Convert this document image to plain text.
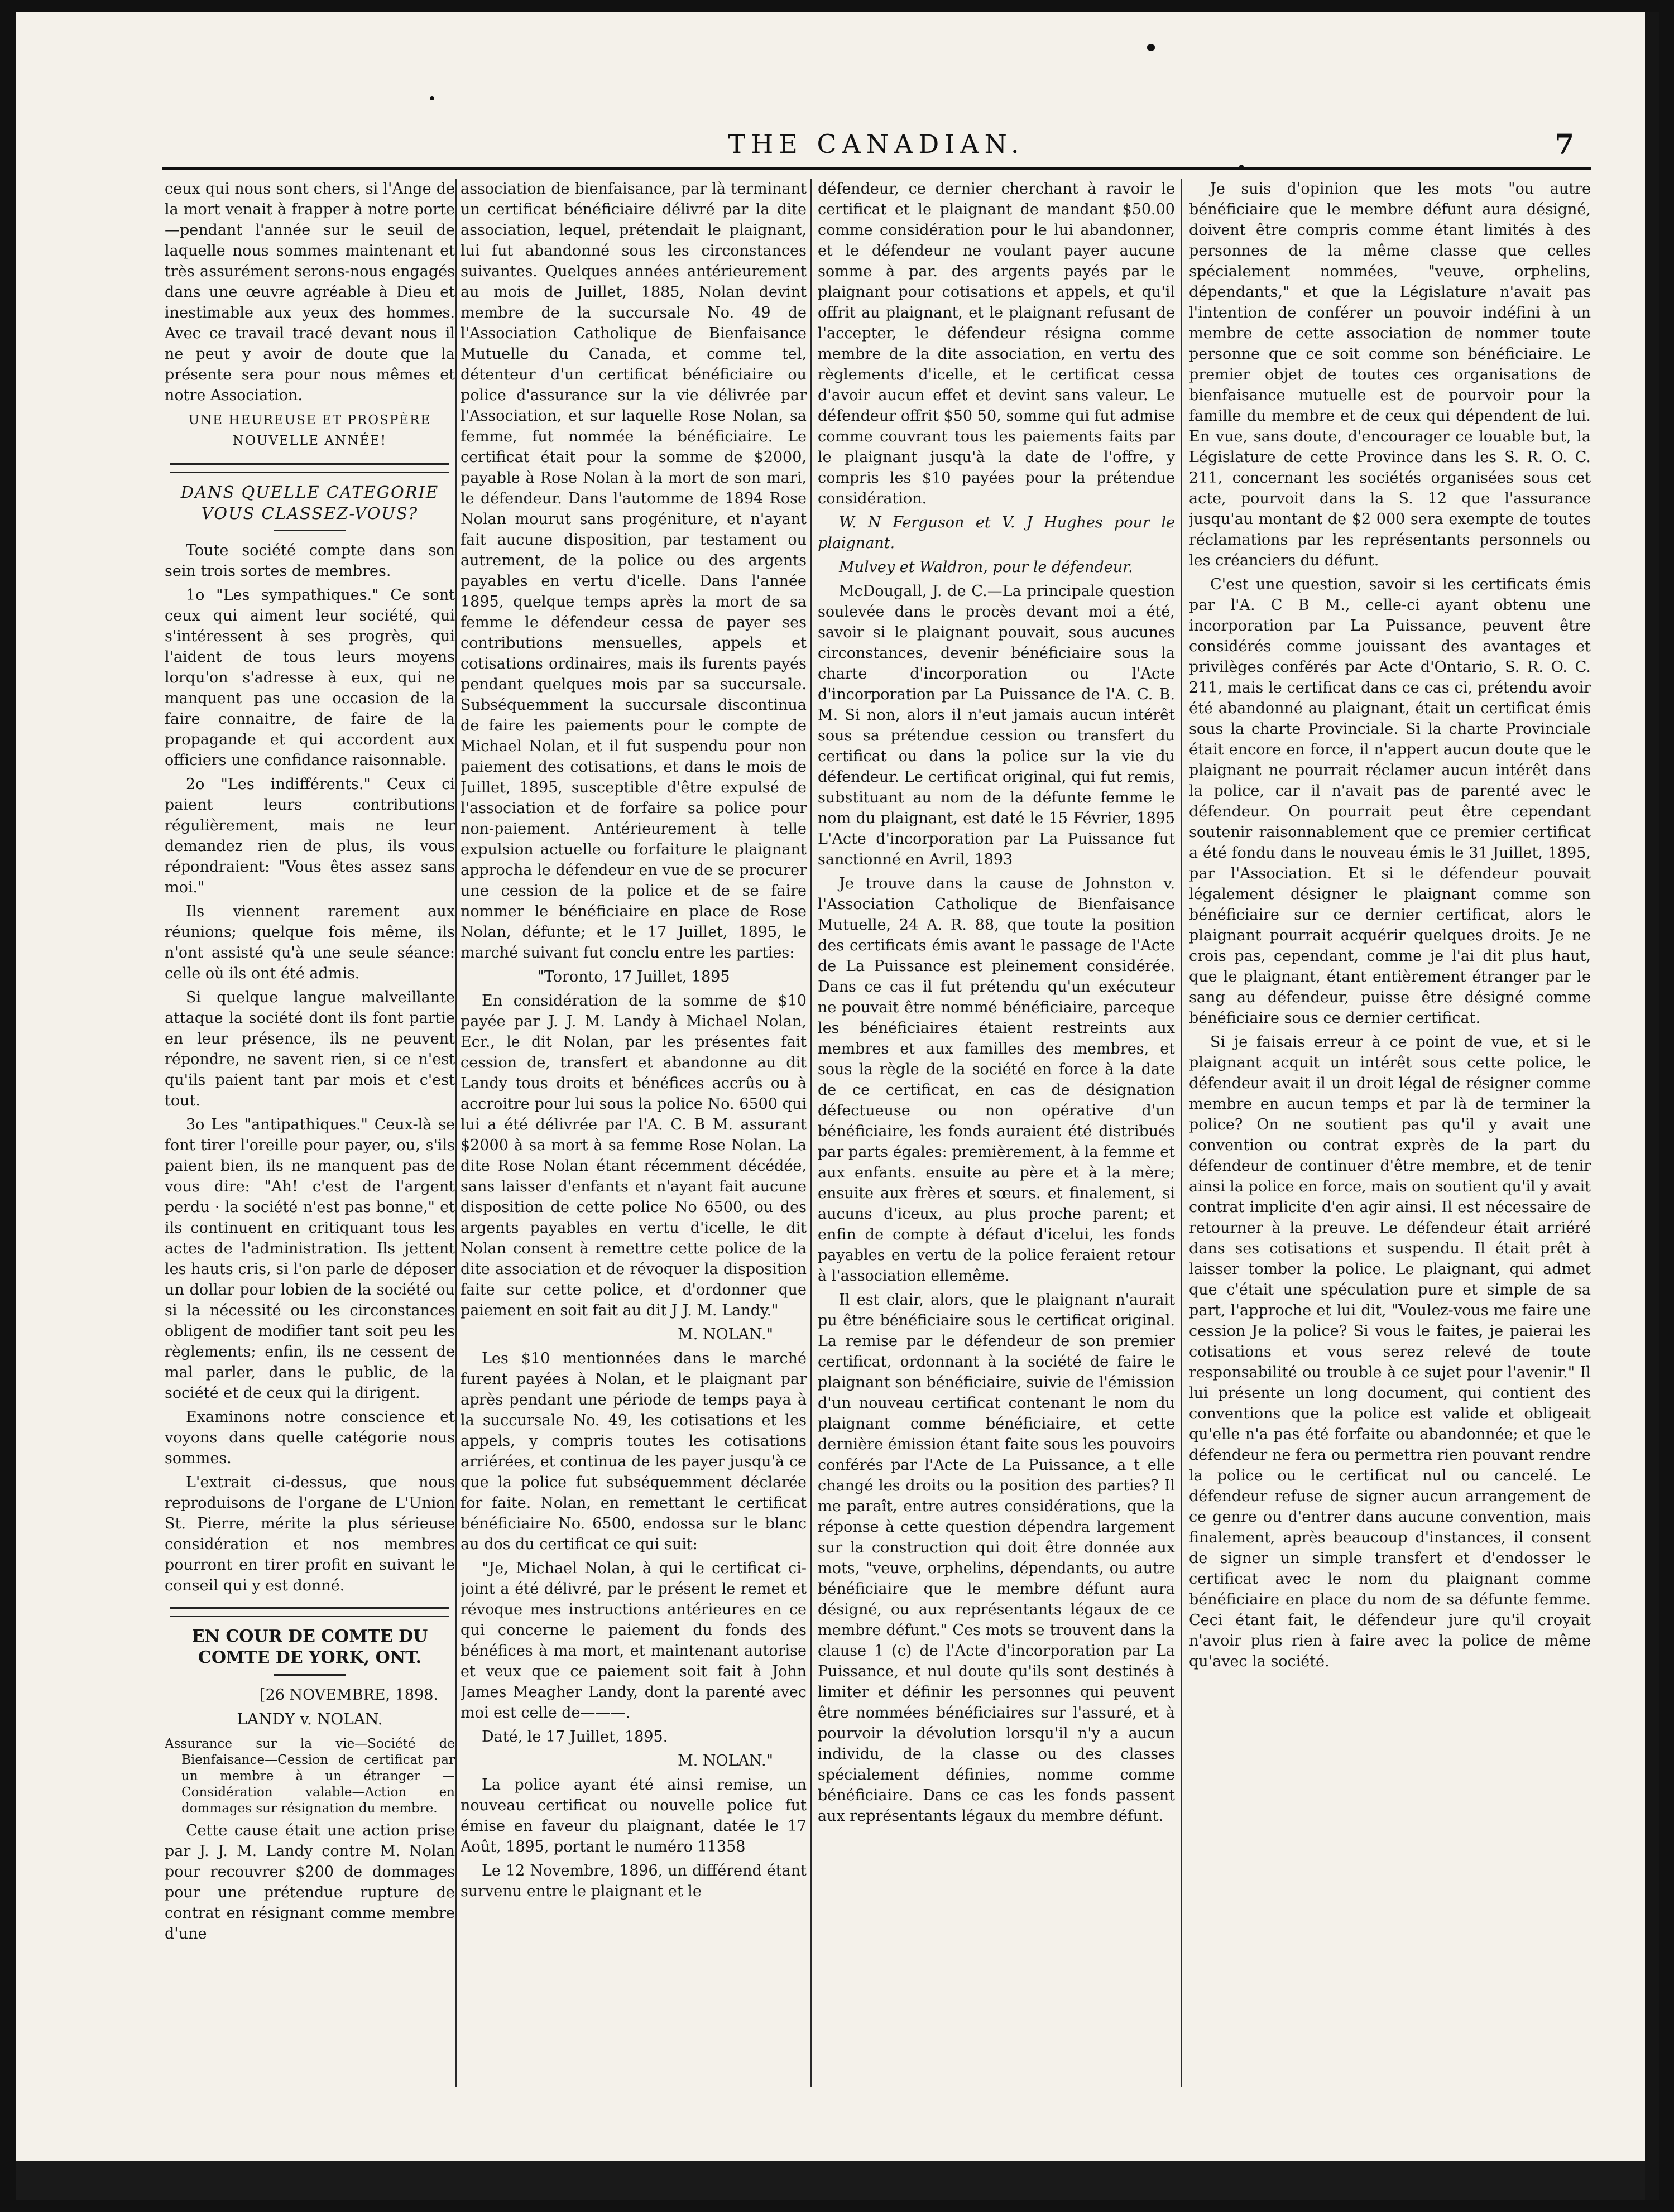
THE CANADIAN.	7

ceux qui nous sont chers, si l'Ange de la mort venait à frapper à notre porte—pendant l'année sur le seuil de laquelle nous sommes maintenant et très assurément serons-nous engagés dans une œuvre agréable à Dieu et inestimable aux yeux des hommes. Avec ce travail tracé devant nous il ne peut y avoir de doute que la présente sera pour nous mêmes et notre Association.

UNE HEUREUSE ET PROSPÈRE NOUVELLE ANNÉE!
DANS QUELLE CATEGORIE VOUS CLASSEZ-VOUS?

Toute société compte dans son sein trois sortes de membres.

1o "Les sympathiques." Ce sont ceux qui aiment leur société, qui s'intéressent à ses progrès, qui l'aident de tous leurs moyens lorqu'on s'adresse à eux, qui ne manquent pas une occasion de la faire connaitre, de faire de la propagande et qui accordent aux officiers une confidance raisonnable.

2o "Les indifférents." Ceux ci paient leurs contributions régulièrement, mais ne leur demandez rien de plus, ils vous répondraient: "Vous êtes assez sans moi."

Ils viennent rarement aux réunions; quelque fois même, ils n'ont assisté qu'à une seule séance: celle où ils ont été admis.

Si quelque langue malveillante attaque la société dont ils font partie en leur présence, ils ne peuvent répondre, ne savent rien, si ce n'est qu'ils paient tant par mois et c'est tout.

3o Les "antipathiques." Ceux-là se font tirer l'oreille pour payer, ou, s'ils paient bien, ils ne manquent pas de vous dire: "Ah! c'est de l'argent perdu · la société n'est pas bonne," et ils continuent en critiquant tous les actes de l'administration. Ils jettent les hauts cris, si l'on parle de déposer un dollar pour lobien de la société ou si la nécessité ou les circonstances obligent de modifier tant soit peu les règlements; enfin, ils ne cessent de mal parler, dans le public, de la société et de ceux qui la dirigent.

Examinons notre conscience et voyons dans quelle catégorie nous sommes.

L'extrait ci-dessus, que nous reproduisons de l'organe de L'Union St. Pierre, mérite la plus sérieuse considération et nos membres pourront en tirer profit en suivant le conseil qui y est donné.

EN COUR DE COMTE DU COMTE DE YORK, ONT.
[26 NOVEMBRE, 1898.
LANDY v. NOLAN.

Assurance sur la vie—Société de Bienfaisance—Cession de certificat par un membre à un étranger — Considération valable—Action en dommages sur résignation du membre.

Cette cause était une action prise par J. J. M. Landy contre M. Nolan pour recouvrer $200 de dommages pour une prétendue rupture de contrat en résignant comme membre d'une

association de bienfaisance, par là terminant un certificat bénéficiaire délivré par la dite association, lequel, prétendait le plaignant, lui fut abandonné sous les circonstances suivantes. Quelques années antérieurement au mois de Juillet, 1885, Nolan devint membre de la succursale No. 49 de l'Association Catholique de Bienfaisance Mutuelle du Canada, et comme tel, détenteur d'un certificat bénéficiaire ou police d'assurance sur la vie délivrée par l'Association, et sur laquelle Rose Nolan, sa femme, fut nommée la bénéficiaire. Le certificat était pour la somme de $2000, payable à Rose Nolan à la mort de son mari, le défendeur. Dans l'automme de 1894 Rose Nolan mourut sans progéniture, et n'ayant fait aucune disposition, par testament ou autrement, de la police ou des argents payables en vertu d'icelle. Dans l'année 1895, quelque temps après la mort de sa femme le défendeur cessa de payer ses contributions mensuelles, appels et cotisations ordinaires, mais ils furents payés pendant quelques mois par sa succursale. Subséquemment la succursale discontinua de faire les paiements pour le compte de Michael Nolan, et il fut suspendu pour non paiement des cotisations, et dans le mois de Juillet, 1895, susceptible d'être expulsé de l'association et de forfaire sa police pour non-paiement. Antérieurement à telle expulsion actuelle ou forfaiture le plaignant approcha le défendeur en vue de se procurer une cession de la police et de se faire nommer le bénéficiaire en place de Rose Nolan, défunte; et le 17 Juillet, 1895, le marché suivant fut conclu entre les parties:

"Toronto, 17 Juillet, 1895

En considération de la somme de $10 payée par J. J. M. Landy à Michael Nolan, Ecr., le dit Nolan, par les présentes fait cession de, transfert et abandonne au dit Landy tous droits et bénéfices accrûs ou à accroitre pour lui sous la police No. 6500 qui lui a été délivrée par l'A. C. B M. assurant $2000 à sa mort à sa femme Rose Nolan. La dite Rose Nolan étant récemment décédée, sans laisser d'enfants et n'ayant fait aucune disposition de cette police No 6500, ou des argents payables en vertu d'icelle, le dit Nolan consent à remettre cette police de la dite association et de révoquer la disposition faite sur cette police, et d'ordonner que paiement en soit fait au dit J J. M. Landy."

M. NOLAN."

Les $10 mentionnées dans le marché furent payées à Nolan, et le plaignant par après pendant une période de temps paya à la succursale No. 49, les cotisations et les appels, y compris toutes les cotisations arriérées, et continua de les payer jusqu'à ce que la police fut subséquemment déclarée for faite. Nolan, en remettant le certificat bénéficiaire No. 6500, endossa sur le blanc au dos du certificat ce qui suit:

"Je, Michael Nolan, à qui le certificat ci-joint a été délivré, par le présent le remet et révoque mes instructions antérieures en ce qui concerne le paiement du fonds des bénéfices à ma mort, et maintenant autorise et veux que ce paiement soit fait à John James Meagher Landy, dont la parenté avec moi est celle de———.

Daté, le 17 Juillet, 1895.

M. NOLAN."

La police ayant été ainsi remise, un nouveau certificat ou nouvelle police fut émise en faveur du plaignant, datée le 17 Août, 1895, portant le numéro 11358

Le 12 Novembre, 1896, un différend étant survenu entre le plaignant et le

défendeur, ce dernier cherchant à ravoir le certificat et le plaignant de mandant $50.00 comme considération pour le lui abandonner, et le défendeur ne voulant payer aucune somme à par. des argents payés par le plaignant pour cotisations et appels, et qu'il offrit au plaignant, et le plaignant refusant de l'accepter, le défendeur résigna comme membre de la dite association, en vertu des règlements d'icelle, et le certificat cessa d'avoir aucun effet et devint sans valeur. Le défendeur offrit $50 50, somme qui fut admise comme couvrant tous les paiements faits par le plaignant jusqu'à la date de l'offre, y compris les $10 payées pour la prétendue considération.

W. N Ferguson et V. J Hughes pour le plaignant.

Mulvey et Waldron, pour le défendeur.

McDougall, J. de C.—La principale question soulevée dans le procès devant moi a été, savoir si le plaignant pouvait, sous aucunes circonstances, devenir bénéficiaire sous la charte d'incorporation ou l'Acte d'incorporation par La Puissance de l'A. C. B. M. Si non, alors il n'eut jamais aucun intérêt sous sa prétendue cession ou transfert du certificat ou dans la police sur la vie du défendeur. Le certificat original, qui fut remis, substituant au nom de la défunte femme le nom du plaignant, est daté le 15 Février, 1895 L'Acte d'incorporation par La Puissance fut sanctionné en Avril, 1893

Je trouve dans la cause de Johnston v. l'Association Catholique de Bienfaisance Mutuelle, 24 A. R. 88, que toute la position des certificats émis avant le passage de l'Acte de La Puissance est pleinement considérée. Dans ce cas il fut prétendu qu'un exécuteur ne pouvait être nommé bénéficiaire, parceque les bénéficiaires étaient restreints aux membres et aux familles des membres, et sous la règle de la société en force à la date de ce certificat, en cas de désignation défectueuse ou non opérative d'un bénéficiaire, les fonds auraient été distribués par parts égales: premièrement, à la femme et aux enfants. ensuite au père et à la mère; ensuite aux frères et sœurs. et finalement, si aucuns d'iceux, au plus proche parent; et enfin de compte à défaut d'icelui, les fonds payables en vertu de la police feraient retour à l'association ellemême.

Il est clair, alors, que le plaignant n'aurait pu être bénéficiaire sous le certificat original. La remise par le défendeur de son premier certificat, ordonnant à la société de faire le plaignant son bénéficiaire, suivie de l'émission d'un nouveau certificat contenant le nom du plaignant comme bénéficiaire, et cette dernière émission étant faite sous les pouvoirs conférés par l'Acte de La Puissance, a t elle changé les droits ou la position des parties? Il me paraît, entre autres considérations, que la réponse à cette question dépendra largement sur la construction qui doit être donnée aux mots, "veuve, orphelins, dépendants, ou autre bénéficiaire que le membre défunt aura désigné, ou aux représentants légaux de ce membre défunt." Ces mots se trouvent dans la clause 1 (c) de l'Acte d'incorporation par La Puissance, et nul doute qu'ils sont destinés à limiter et définir les personnes qui peuvent être nommées bénéficiaires sur l'assuré, et à pourvoir la dévolution lorsqu'il n'y a aucun individu, de la classe ou des classes spécialement définies, nomme comme bénéficiaire. Dans ce cas les fonds passent aux représentants légaux du membre défunt.

Je suis d'opinion que les mots "ou autre bénéficiaire que le membre défunt aura désigné, doivent être compris comme étant limités à des personnes de la même classe que celles spécialement nommées, "veuve, orphelins, dépendants," et que la Législature n'avait pas l'intention de conférer un pouvoir indéfini à un membre de cette association de nommer toute personne que ce soit comme son bénéficiaire. Le premier objet de toutes ces organisations de bienfaisance mutuelle est de pourvoir pour la famille du membre et de ceux qui dépendent de lui. En vue, sans doute, d'encourager ce louable but, la Législature de cette Province dans les S. R. O. C. 211, concernant les sociétés organisées sous cet acte, pourvoit dans la S. 12 que l'assurance jusqu'au montant de $2 000 sera exempte de toutes réclamations par les représentants personnels ou les créanciers du défunt.

C'est une question, savoir si les certificats émis par l'A. C B M., celle-ci ayant obtenu une incorporation par La Puissance, peuvent être considérés comme jouissant des avantages et privilèges conférés par Acte d'Ontario, S. R. O. C. 211, mais le certificat dans ce cas ci, prétendu avoir été abandonné au plaignant, était un certificat émis sous la charte Provinciale. Si la charte Provinciale était encore en force, il n'appert aucun doute que le plaignant ne pourrait réclamer aucun intérêt dans la police, car il n'avait pas de parenté avec le défendeur. On pourrait peut être cependant soutenir raisonnablement que ce premier certificat a été fondu dans le nouveau émis le 31 Juillet, 1895, par l'Association. Et si le défendeur pouvait légalement désigner le plaignant comme son bénéficiaire sur ce dernier certificat, alors le plaignant pourrait acquérir quelques droits. Je ne crois pas, cependant, comme je l'ai dit plus haut, que le plaignant, étant entièrement étranger par le sang au défendeur, puisse être désigné comme bénéficiaire sous ce dernier certificat.

Si je faisais erreur à ce point de vue, et si le plaignant acquit un intérêt sous cette police, le défendeur avait il un droit légal de résigner comme membre en aucun temps et par là de terminer la police? On ne soutient pas qu'il y avait une convention ou contrat exprès de la part du défendeur de continuer d'être membre, et de tenir ainsi la police en force, mais on soutient qu'il y avait contrat implicite d'en agir ainsi. Il est nécessaire de retourner à la preuve. Le défendeur était arriéré dans ses cotisations et suspendu. Il était prêt à laisser tomber la police. Le plaignant, qui admet que c'était une spéculation pure et simple de sa part, l'approche et lui dit, "Voulez-vous me faire une cession Je la police? Si vous le faites, je paierai les cotisations et vous serez relevé de toute responsabilité ou trouble à ce sujet pour l'avenir." Il lui présente un long document, qui contient des conventions que la police est valide et obligeait qu'elle n'a pas été forfaite ou abandonnée; et que le défendeur ne fera ou permettra rien pouvant rendre la police ou le certificat nul ou cancelé. Le défendeur refuse de signer aucun arrangement de ce genre ou d'entrer dans aucune convention, mais finalement, après beaucoup d'instances, il consent de signer un simple transfert et d'endosser le certificat avec le nom du plaignant comme bénéficiaire en place du nom de sa défunte femme. Ceci étant fait, le défendeur jure qu'il croyait n'avoir plus rien à faire avec la police de même qu'avec la société.
